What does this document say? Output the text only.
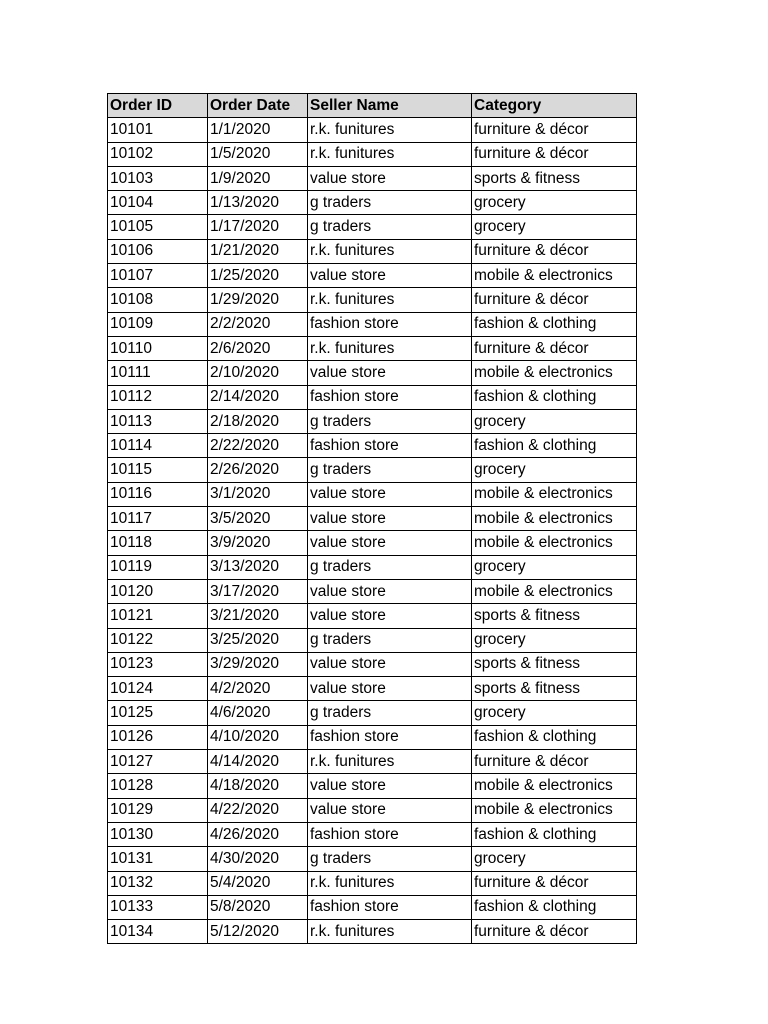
Order ID	Order Date	Seller Name	Category
10101	1/1/2020	r.k. funitures	furniture & décor
10102	1/5/2020	r.k. funitures	furniture & décor
10103	1/9/2020	value store	sports & fitness
10104	1/13/2020	g traders	grocery
10105	1/17/2020	g traders	grocery
10106	1/21/2020	r.k. funitures	furniture & décor
10107	1/25/2020	value store	mobile & electronics
10108	1/29/2020	r.k. funitures	furniture & décor
10109	2/2/2020	fashion store	fashion & clothing
10110	2/6/2020	r.k. funitures	furniture & décor
10111	2/10/2020	value store	mobile & electronics
10112	2/14/2020	fashion store	fashion & clothing
10113	2/18/2020	g traders	grocery
10114	2/22/2020	fashion store	fashion & clothing
10115	2/26/2020	g traders	grocery
10116	3/1/2020	value store	mobile & electronics
10117	3/5/2020	value store	mobile & electronics
10118	3/9/2020	value store	mobile & electronics
10119	3/13/2020	g traders	grocery
10120	3/17/2020	value store	mobile & electronics
10121	3/21/2020	value store	sports & fitness
10122	3/25/2020	g traders	grocery
10123	3/29/2020	value store	sports & fitness
10124	4/2/2020	value store	sports & fitness
10125	4/6/2020	g traders	grocery
10126	4/10/2020	fashion store	fashion & clothing
10127	4/14/2020	r.k. funitures	furniture & décor
10128	4/18/2020	value store	mobile & electronics
10129	4/22/2020	value store	mobile & electronics
10130	4/26/2020	fashion store	fashion & clothing
10131	4/30/2020	g traders	grocery
10132	5/4/2020	r.k. funitures	furniture & décor
10133	5/8/2020	fashion store	fashion & clothing
10134	5/12/2020	r.k. funitures	furniture & décor
